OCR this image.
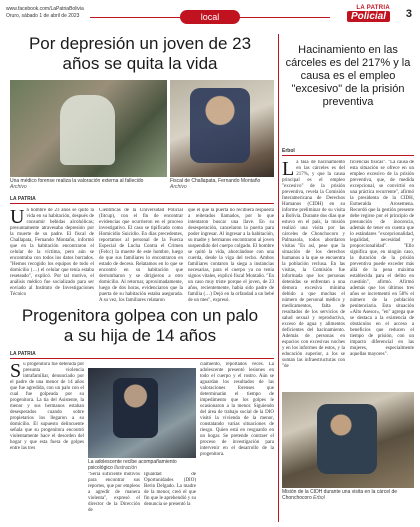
www.facebook.com/LaPatriaBolivia
Oruro, sábado 1 de abril de 2023	local
LA PATRIA
Policial	3
Por depresión un joven de 23 años se quita la vida
Una médico forense realiza la valoración externa al fallecido
Archivo
Fiscal de Challapata, Fernando Montaño
Archivo
LA PATRIA
Un hombre de 23 años se quitó la vida en su habitación, después de consumir bebidas alcohólicas; presuntamente atravesaba depresión por la muerte de su padre. El fiscal de Challapata, Fernando Montaño, informó que en la habitación encontraron el celular de la víctima, pero aún se encontraba con todos los datos borrados. "Hemos recogido los equipos de todo el domicilio (…) el celular que tenía estaba reseteado", explicó. Por tal motivo, el análisis médico fue socializado para ser enviado al Instituto de Investigaciones Técnico
Científicas de la Universidad Policial (Iitcup), con el fin de encontrar evidencias que ocurrieron en el proceso investigativo. El caso se tipificado como Homicidio Suicidio. En días precedentes, reportamos al personal de la Fuerza Especial de Lucha Contra el Crimen (Felcc) la muerte de este hombre, luego de que sus familiares lo encontraron en estado de deceso. Relatamos en lo que se encontró en su habitación que derrumbaron y se dirigieron a otro domicilio. Al retornar, aproximadamente, luego de dos horas, evidenciaron que la puerta de su habitación estaba asegurada. A su vez, los familiares relataron
que el que la puerta no recibiera respuesta a reiterados llamados, por lo que intentaron buscar una llave. En su desesperación, cancelaron la puerta para poder ingresar. Al ingresar a la habitación, su madre y hermanos encontraron al joven suspendido del cuerpo colgado. El hombre se quitó la vida, ahorcándose con una cuerda, desde la viga del techo. Ambos familiares contaron la siega a instancias necesarias, para el cuerpo ya no tenía signos vitales, explicó fiscal Montaño. "En un caso muy triste porque el joven, de 23 años, recientemente, había sido padre de familia (…) Dejó en la orfandad a un bebé de un mes", expresó.
Progenitora golpea con un palo a su hija de 14 años
LA PATRIA
Su progenitora fue detenida por presunta violencia intrafamiliar, denunciado por el padre de una menor de 14 años que fue agredida, con un palo con el cual fue golpeada por su progenitora. La tía del Asistente, la menor y sus hermanos estaban desesperados cuando sobre propietarios los llegaron a su domicilio. El supuesto delincuente señala que su progenitora encontró violentamente hace el desorden del hogar y que esta fuera de golpes entre las tres
La adolescente recibe acompañamiento psicológico Ilustración
"Sería suficiente motivos para encontrar sus reportes, que por empleos a agredir de manera violenta", expresó el director de la Dirección de
Igualdad de Oportunidades (DIO) Berin Delgado. La madre de la menor, creó el que fin que le aprehendió y su denuncia se presentó la
ciamiento, reportados veces. La adolescente presentó lesiones en todo el cuerpo y el rostro. Aún se aguardan los resultados de las valoraciones forenses que determinarán el tiempo de impedimento que los golpes le ocasionaron a la menor. Siguiendo del área de trabajo social de la DIO visitó la vivienda de la menor, constatando varias situaciones de riesgo. Quien está en resguardo en un hogar. Se pretende contraer el proceso de investigación para intervenir en el desarrollo de la progenitora.
Hacinamiento en las cárceles es del 217% y la causa es el empleo "excesivo" de la prisión preventiva
Erbol
La tasa de hacinamiento en las cárceles es del 217%, y que la causa principal es el empleo "excesivo" de la prisión preventiva, revela la Comisión Interamericana de Derechos Humanos (CIDH) en su informe preliminar de su visita a Bolivia. Durante dos días que estuvo en el país, la misión realizó una visita por las cárceles de Chonchocoro y Palmasola, todos abordaron visitas "Es así, pese que la situación de los derechos humanos a la que se encuentra la población reclusa. En las visitas, la Comisión fue informada que los personas detenidas se enfrentan a una demora excesiva mínima debido a que muchas el número de personal médico y medicamentos, falta de resultados de los servicios de salud sexual y reproductiva, exceso de agua y alimentos deficientes del hacinamiento. Además de personas en espacios con excesivas noches y en los informes de estos, y la educación superior, a los se suman las infraestructuras con "de
ficiencias físicas". "La causa de esta situación se ofrece en un empleo excesivo de la prisión preventiva, que, de medida excepcional, se convirtió en una práctica recurrente", afirmó la presidenta de la CIDH, Esmeralda Arosemena. Recordó que la gestión presente debe regirse por el principio de presunción de inocencia, además de tener en cuenta que lo estándares "excepcionalidad, legalidad, necesidad y proporcionalidad". "Ello significa que, en ningún caso, la duración de la prisión preventiva puede exceder más allá de la pena máxima establecida para el delito en cuestión", afirmó. Afirmó además que los últimos tres años se incrementó en 58% el número de la población penitenciaria. Esta situación «Alto Asesor», "en" agrega que se destaca a la existencia de obstáculos en el acceso a beneficios que reducen el tiempo de prisión, con un impacto diferencial en las mujeres, especialmente aquellas mayores".
Misión de la CIDH durante una visita en la cárcel de Chonchocoro Erbol
